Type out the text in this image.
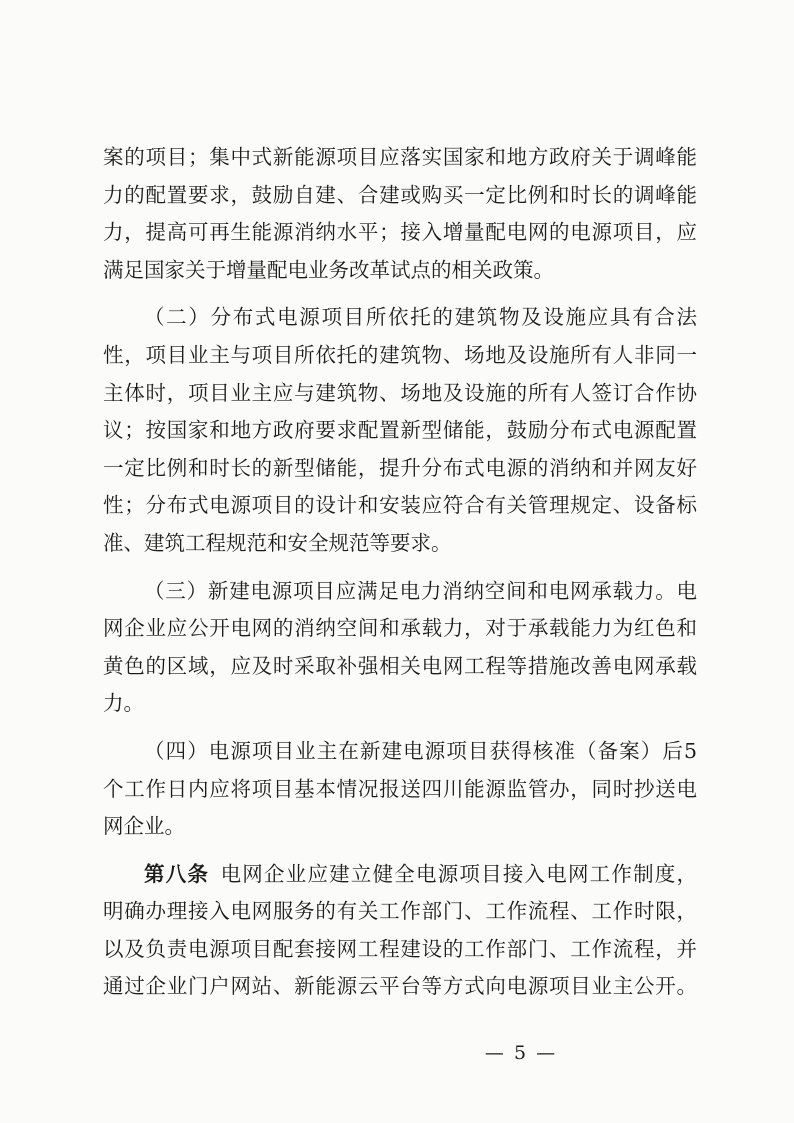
案的项目；集中式新能源项目应落实国家和地方政府关于调峰能
力的配置要求，鼓励自建、合建或购买一定比例和时长的调峰能
力，提高可再生能源消纳水平；接入增量配电网的电源项目，应
满足国家关于增量配电业务改革试点的相关政策。
（二）分布式电源项目所依托的建筑物及设施应具有合法
性，项目业主与项目所依托的建筑物、场地及设施所有人非同一
主体时，项目业主应与建筑物、场地及设施的所有人签订合作协
议；按国家和地方政府要求配置新型储能，鼓励分布式电源配置
一定比例和时长的新型储能，提升分布式电源的消纳和并网友好
性；分布式电源项目的设计和安装应符合有关管理规定、设备标
准、建筑工程规范和安全规范等要求。
（三）新建电源项目应满足电力消纳空间和电网承载力。电
网企业应公开电网的消纳空间和承载力，对于承载能力为红色和
黄色的区域，应及时采取补强相关电网工程等措施改善电网承载
力。
（四）电源项目业主在新建电源项目获得核准（备案）后5
个工作日内应将项目基本情况报送四川能源监管办，同时抄送电
网企业。
第八条  电网企业应建立健全电源项目接入电网工作制度，
明确办理接入电网服务的有关工作部门、工作流程、工作时限，
以及负责电源项目配套接网工程建设的工作部门、工作流程，并
通过企业门户网站、新能源云平台等方式向电源项目业主公开。
— 5 —
